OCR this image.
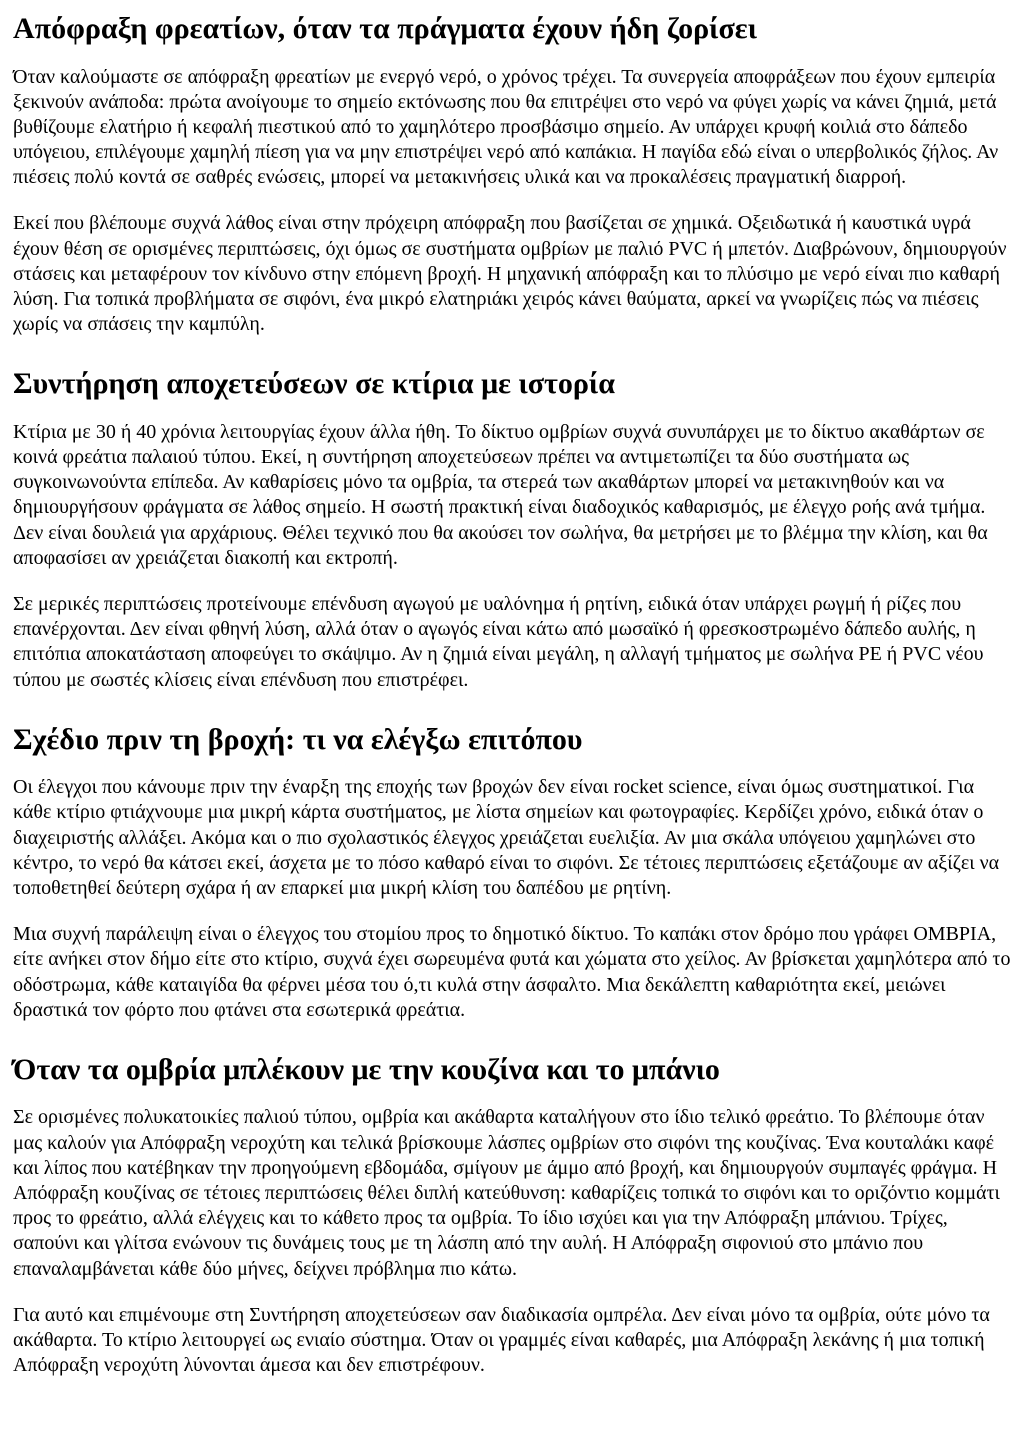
Απόφραξη φρεατίων, όταν τα πράγματα έχουν ήδη ζορίσει

Όταν καλούμαστε σε απόφραξη φρεατίων με ενεργό νερό, ο χρόνος τρέχει. Τα συνεργεία αποφράξεων που έχουν εμπειρία ξεκινούν ανάποδα: πρώτα ανοίγουμε το σημείο εκτόνωσης που θα επιτρέψει στο νερό να φύγει χωρίς να κάνει ζημιά, μετά βυθίζουμε ελατήριο ή κεφαλή πιεστικού από το χαμηλότερο προσβάσιμο σημείο. Αν υπάρχει κρυφή κοιλιά στο δάπεδο υπόγειου, επιλέγουμε χαμηλή πίεση για να μην επιστρέψει νερό από καπάκια. Η παγίδα εδώ είναι ο υπερβολικός ζήλος. Αν πιέσεις πολύ κοντά σε σαθρές ενώσεις, μπορεί να μετακινήσεις υλικά και να προκαλέσεις πραγματική διαρροή.

Εκεί που βλέπουμε συχνά λάθος είναι στην πρόχειρη απόφραξη που βασίζεται σε χημικά. Οξειδωτικά ή καυστικά υγρά έχουν θέση σε ορισμένες περιπτώσεις, όχι όμως σε συστήματα ομβρίων με παλιό PVC ή μπετόν. Διαβρώνουν, δημιουργούν στάσεις και μεταφέρουν τον κίνδυνο στην επόμενη βροχή. Η μηχανική απόφραξη και το πλύσιμο με νερό είναι πιο καθαρή λύση. Για τοπικά προβλήματα σε σιφόνι, ένα μικρό ελατηριάκι χειρός κάνει θαύματα, αρκεί να γνωρίζεις πώς να πιέσεις χωρίς να σπάσεις την καμπύλη.

Συντήρηση αποχετεύσεων σε κτίρια με ιστορία

Κτίρια με 30 ή 40 χρόνια λειτουργίας έχουν άλλα ήθη. Το δίκτυο ομβρίων συχνά συνυπάρχει με το δίκτυο ακαθάρτων σε κοινά φρεάτια παλαιού τύπου. Εκεί, η συντήρηση αποχετεύσεων πρέπει να αντιμετωπίζει τα δύο συστήματα ως συγκοινωνούντα επίπεδα. Αν καθαρίσεις μόνο τα ομβρία, τα στερεά των ακαθάρτων μπορεί να μετακινηθούν και να δημιουργήσουν φράγματα σε λάθος σημείο. Η σωστή πρακτική είναι διαδοχικός καθαρισμός, με έλεγχο ροής ανά τμήμα. Δεν είναι δουλειά για αρχάριους. Θέλει τεχνικό που θα ακούσει τον σωλήνα, θα μετρήσει με το βλέμμα την κλίση, και θα αποφασίσει αν χρειάζεται διακοπή και εκτροπή.

Σε μερικές περιπτώσεις προτείνουμε επένδυση αγωγού με υαλόνημα ή ρητίνη, ειδικά όταν υπάρχει ρωγμή ή ρίζες που επανέρχονται. Δεν είναι φθηνή λύση, αλλά όταν ο αγωγός είναι κάτω από μωσαϊκό ή φρεσκοστρωμένο δάπεδο αυλής, η επιτόπια αποκατάσταση αποφεύγει το σκάψιμο. Αν η ζημιά είναι μεγάλη, η αλλαγή τμήματος με σωλήνα PE ή PVC νέου τύπου με σωστές κλίσεις είναι επένδυση που επιστρέφει.

Σχέδιο πριν τη βροχή: τι να ελέγξω επιτόπου

Οι έλεγχοι που κάνουμε πριν την έναρξη της εποχής των βροχών δεν είναι rocket science, είναι όμως συστηματικοί. Για κάθε κτίριο φτιάχνουμε μια μικρή κάρτα συστήματος, με λίστα σημείων και φωτογραφίες. Κερδίζει χρόνο, ειδικά όταν ο διαχειριστής αλλάξει. Ακόμα και ο πιο σχολαστικός έλεγχος χρειάζεται ευελιξία. Αν μια σκάλα υπόγειου χαμηλώνει στο κέντρο, το νερό θα κάτσει εκεί, άσχετα με το πόσο καθαρό είναι το σιφόνι. Σε τέτοιες περιπτώσεις εξετάζουμε αν αξίζει να τοποθετηθεί δεύτερη σχάρα ή αν επαρκεί μια μικρή κλίση του δαπέδου με ρητίνη.

Μια συχνή παράλειψη είναι ο έλεγχος του στομίου προς το δημοτικό δίκτυο. Το καπάκι στον δρόμο που γράφει ΟΜΒΡΙΑ, είτε ανήκει στον δήμο είτε στο κτίριο, συχνά έχει σωρευμένα φυτά και χώματα στο χείλος. Αν βρίσκεται χαμηλότερα από το οδόστρωμα, κάθε καταιγίδα θα φέρνει μέσα του ό,τι κυλά στην άσφαλτο. Μια δεκάλεπτη καθαριότητα εκεί, μειώνει δραστικά τον φόρτο που φτάνει στα εσωτερικά φρεάτια.

Όταν τα ομβρία μπλέκουν με την κουζίνα και το μπάνιο

Σε ορισμένες πολυκατοικίες παλιού τύπου, ομβρία και ακάθαρτα καταλήγουν στο ίδιο τελικό φρεάτιο. Το βλέπουμε όταν μας καλούν για Απόφραξη νεροχύτη και τελικά βρίσκουμε λάσπες ομβρίων στο σιφόνι της κουζίνας. Ένα κουταλάκι καφέ και λίπος που κατέβηκαν την προηγούμενη εβδομάδα, σμίγουν με άμμο από βροχή, και δημιουργούν συμπαγές φράγμα. Η Απόφραξη κουζίνας σε τέτοιες περιπτώσεις θέλει διπλή κατεύθυνση: καθαρίζεις τοπικά το σιφόνι και το οριζόντιο κομμάτι προς το φρεάτιο, αλλά ελέγχεις και το κάθετο προς τα ομβρία. Το ίδιο ισχύει και για την Απόφραξη μπάνιου. Τρίχες, σαπούνι και γλίτσα ενώνουν τις δυνάμεις τους με τη λάσπη από την αυλή. Η Απόφραξη σιφονιού στο μπάνιο που επαναλαμβάνεται κάθε δύο μήνες, δείχνει πρόβλημα πιο κάτω.

Για αυτό και επιμένουμε στη Συντήρηση αποχετεύσεων σαν διαδικασία ομπρέλα. Δεν είναι μόνο τα ομβρία, ούτε μόνο τα ακάθαρτα. Το κτίριο λειτουργεί ως ενιαίο σύστημα. Όταν οι γραμμές είναι καθαρές, μια Απόφραξη λεκάνης ή μια τοπική Απόφραξη νεροχύτη λύνονται άμεσα και δεν επιστρέφουν.
